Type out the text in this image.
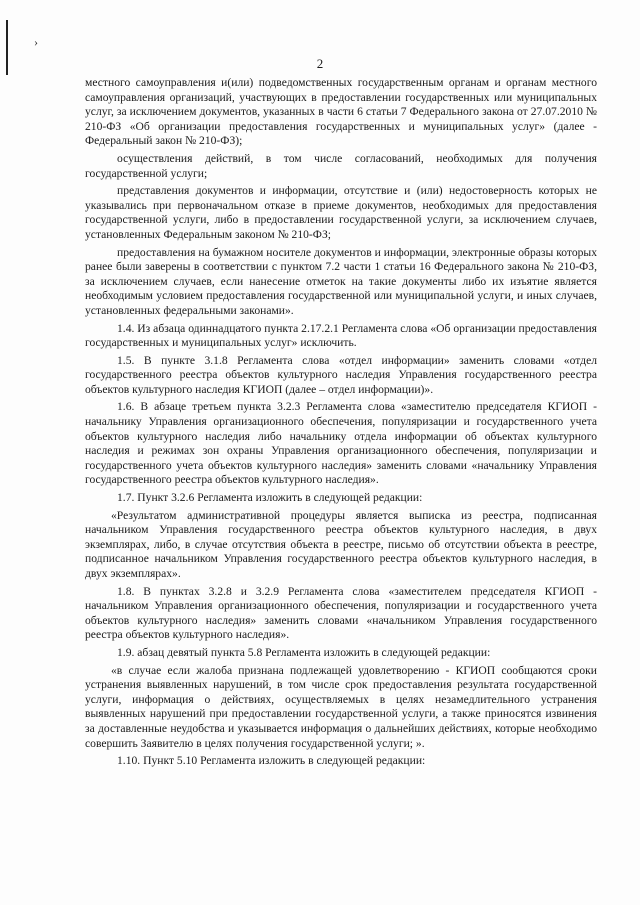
›
2

местного самоуправления и(или) подведомственных государственным органам и органам местного самоуправления организаций, участвующих в предоставлении государственных или муниципальных услуг, за исключением документов, указанных в части 6 статьи 7 Федерального закона от 27.07.2010 № 210-ФЗ «Об организации предоставления государственных и муниципальных услуг» (далее - Федеральный закон № 210-ФЗ);

осуществления действий, в том числе согласований, необходимых для получения государственной услуги;

представления документов и информации, отсутствие и (или) недостоверность которых не указывались при первоначальном отказе в приеме документов, необходимых для предоставления государственной услуги, либо в предоставлении государственной услуги, за исключением случаев, установленных Федеральным законом № 210-ФЗ;

предоставления на бумажном носителе документов и информации, электронные образы которых ранее были заверены в соответствии с пунктом 7.2 части 1 статьи 16 Федерального закона № 210-ФЗ, за исключением случаев, если нанесение отметок на такие документы либо их изъятие является необходимым условием предоставления государственной или муниципальной услуги, и иных случаев, установленных федеральными законами».

1.4. Из абзаца одиннадцатого пункта 2.17.2.1 Регламента слова «Об организации предоставления государственных и муниципальных услуг» исключить.

1.5. В пункте 3.1.8 Регламента слова «отдел информации» заменить словами «отдел государственного реестра объектов культурного наследия Управления государственного реестра объектов культурного наследия КГИОП (далее – отдел информации)».

1.6. В абзаце третьем пункта 3.2.3 Регламента слова «заместителю председателя КГИОП - начальнику Управления организационного обеспечения, популяризации и государственного учета объектов культурного наследия либо начальнику отдела информации об объектах культурного наследия и режимах зон охраны Управления организационного обеспечения, популяризации и государственного учета объектов культурного наследия» заменить словами «начальнику Управления государственного реестра объектов культурного наследия».

1.7. Пункт 3.2.6 Регламента изложить в следующей редакции:

«Результатом административной процедуры является выписка из реестра, подписанная начальником Управления государственного реестра объектов культурного наследия, в двух экземплярах, либо, в случае отсутствия объекта в реестре, письмо об отсутствии объекта в реестре, подписанное начальником Управления государственного реестра объектов культурного наследия, в двух экземплярах».

1.8. В пунктах 3.2.8 и 3.2.9 Регламента слова «заместителем председателя КГИОП - начальником Управления организационного обеспечения, популяризации и государственного учета объектов культурного наследия» заменить словами «начальником Управления государственного реестра объектов культурного наследия».

1.9. абзац девятый пункта 5.8 Регламента изложить в следующей редакции:

«в случае если жалоба признана подлежащей удовлетворению - КГИОП сообщаются сроки устранения выявленных нарушений, в том числе срок предоставления результата государственной услуги, информация о действиях, осуществляемых в целях незамедлительного устранения выявленных нарушений при предоставлении государственной услуги, а также приносятся извинения за доставленные неудобства и указывается информация о дальнейших действиях, которые необходимо совершить Заявителю в целях получения государственной услуги; ».

1.10. Пункт 5.10 Регламента изложить в следующей редакции:
